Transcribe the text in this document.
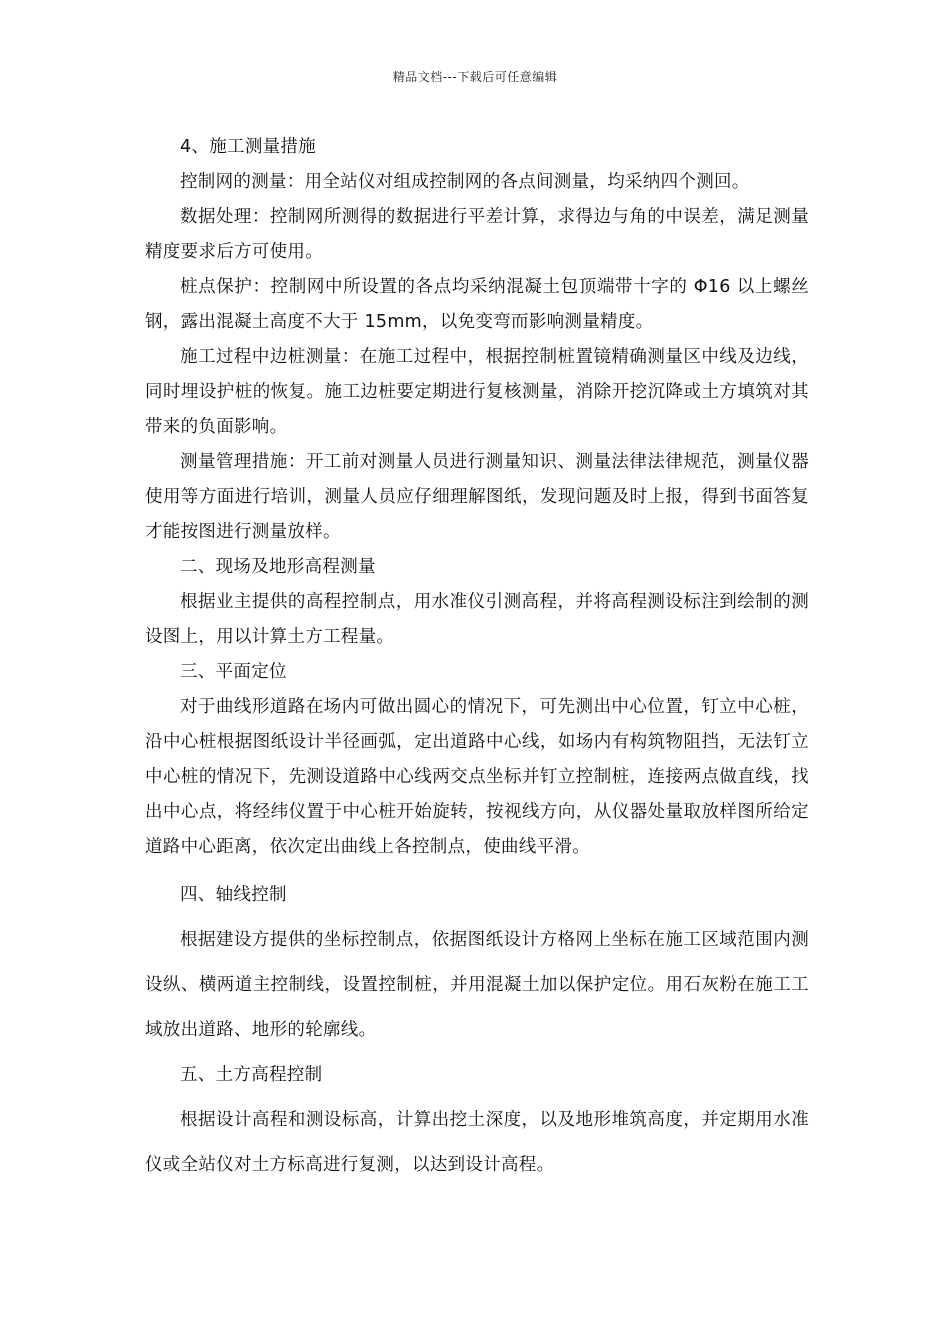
精品文档---下载后可任意编辑

4、施工测量措施

控制网的测量：用全站仪对组成控制网的各点间测量，均采纳四个测回。

数据处理：控制网所测得的数据进行平差计算，求得边与角的中误差，满足测量精度要求后方可使用。

桩点保护：控制网中所设置的各点均采纳混凝土包顶端带十字的 Φ16 以上螺丝钢，露出混凝土高度不大于 15mm，以免变弯而影响测量精度。

施工过程中边桩测量：在施工过程中，根据控制桩置镜精确测量区中线及边线，同时埋设护桩的恢复。施工边桩要定期进行复核测量，消除开挖沉降或土方填筑对其带来的负面影响。

测量管理措施：开工前对测量人员进行测量知识、测量法律法律规范，测量仪器使用等方面进行培训，测量人员应仔细理解图纸，发现问题及时上报，得到书面答复才能按图进行测量放样。

二、现场及地形高程测量

根据业主提供的高程控制点，用水准仪引测高程，并将高程测设标注到绘制的测设图上，用以计算土方工程量。

三、平面定位

对于曲线形道路在场内可做出圆心的情况下，可先测出中心位置，钉立中心桩，沿中心桩根据图纸设计半径画弧，定出道路中心线，如场内有构筑物阻挡，无法钉立中心桩的情况下，先测设道路中心线两交点坐标并钉立控制桩，连接两点做直线，找出中心点，将经纬仪置于中心桩开始旋转，按视线方向，从仪器处量取放样图所给定道路中心距离，依次定出曲线上各控制点，使曲线平滑。

四、轴线控制

根据建设方提供的坐标控制点，依据图纸设计方格网上坐标在施工区域范围内测设纵、横两道主控制线，设置控制桩，并用混凝土加以保护定位。用石灰粉在施工工域放出道路、地形的轮廓线。

五、土方高程控制

根据设计高程和测设标高，计算出挖土深度，以及地形堆筑高度，并定期用水准仪或全站仪对土方标高进行复测，以达到设计高程。
